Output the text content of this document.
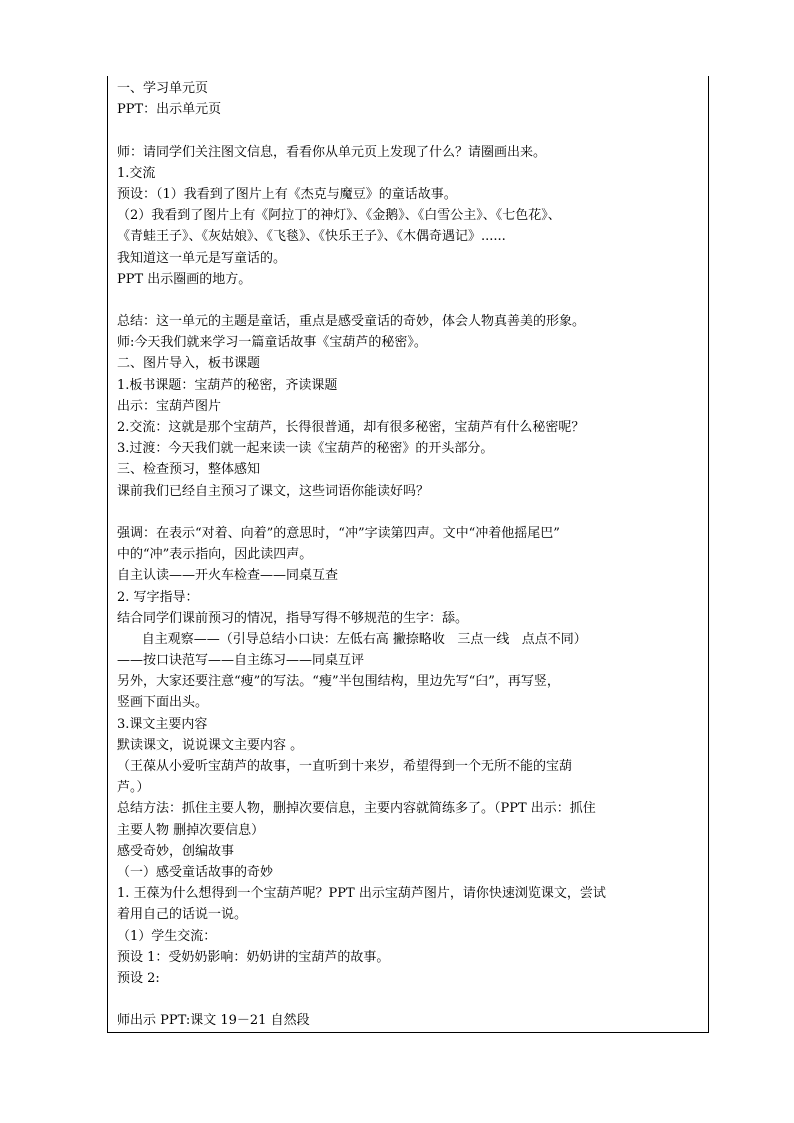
一、学习单元页
PPT：出示单元页
师：请同学们关注图文信息，看看你从单元页上发现了什么？请圈画出来。
1.交流
预设：（1）我看到了图片上有《杰克与魔豆》的童话故事。
（2）我看到了图片上有《阿拉丁的神灯》、《金鹅》、《白雪公主》、《七色花》、
《青蛙王子》、《灰姑娘》、《飞毯》、《快乐王子》、《木偶奇遇记》......
我知道这一单元是写童话的。
PPT 出示圈画的地方。
总结：这一单元的主题是童话，重点是感受童话的奇妙，体会人物真善美的形象。
师:今天我们就来学习一篇童话故事《宝葫芦的秘密》。
二、图片导入，板书课题
1.板书课题：宝葫芦的秘密，齐读课题
出示：宝葫芦图片
2.交流：这就是那个宝葫芦，长得很普通，却有很多秘密，宝葫芦有什么秘密呢？
3.过渡：今天我们就一起来读一读《宝葫芦的秘密》的开头部分。
三、检查预习，整体感知
课前我们已经自主预习了课文，这些词语你能读好吗？
强调：在表示“对着、向着”的意思时，“冲”字读第四声。文中“冲着他摇尾巴”
中的“冲”表示指向，因此读四声。
自主认读——开火车检查——同桌互查
2. 写字指导：
结合同学们课前预习的情况，指导写得不够规范的生字：舔。
自主观察——（引导总结小口诀：左低右高 撇捺略收   三点一线   点点不同）
——按口诀范写——自主练习——同桌互评
另外，大家还要注意“瘦”的写法。“瘦”半包围结构，里边先写“臼”，再写竖，
竖画下面出头。
3.课文主要内容
默读课文，说说课文主要内容 。
（王葆从小爱听宝葫芦的故事，一直听到十来岁，希望得到一个无所不能的宝葫
芦。）
总结方法：抓住主要人物，删掉次要信息，主要内容就简练多了。（PPT 出示：抓住
主要人物 删掉次要信息）
感受奇妙，创编故事
（一）感受童话故事的奇妙
1. 王葆为什么想得到一个宝葫芦呢？PPT 出示宝葫芦图片，请你快速浏览课文，尝试
着用自己的话说一说。
（1）学生交流：
预设 1：受奶奶影响：奶奶讲的宝葫芦的故事。
预设 2:
师出示 PPT:课文 19－21 自然段
